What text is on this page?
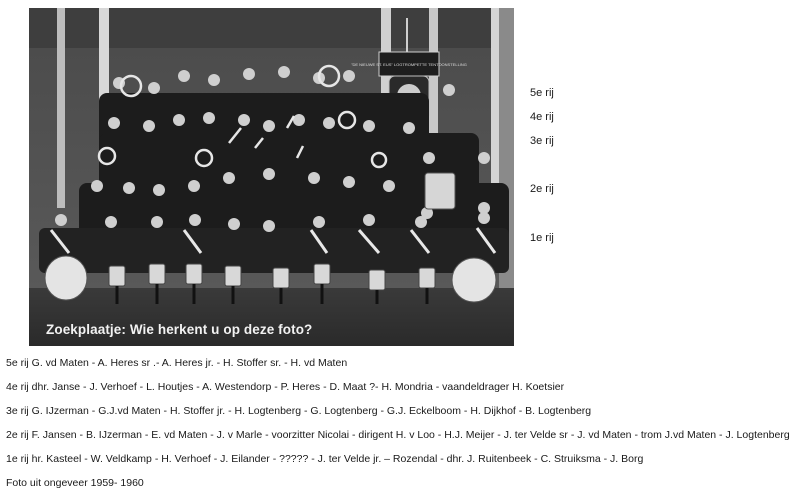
"DE NIEUWE ST. EUS" LOGTROMPETTE TENTOONSTELLING
Zoekplaatje: Wie herkent u op deze foto?
5e rij
4e rij
3e rij
2e rij
1e rij
5e rij G. vd Maten - A. Heres sr .- A. Heres jr. - H. Stoffer sr. - H. vd Maten
4e rij dhr. Janse - J. Verhoef - L. Houtjes - A. Westendorp - P. Heres - D. Maat ?- H. Mondria - vaandeldrager H. Koetsier
3e rij G. IJzerman - G.J.vd Maten - H. Stoffer jr. - H. Logtenberg - G. Logtenberg - G.J. Eckelboom - H. Dijkhof - B. Logtenberg
2e rij F. Jansen - B. IJzerman - E. vd Maten - J. v Marle - voorzitter Nicolai - dirigent H. v Loo - H.J. Meijer - J. ter Velde sr - J. vd Maten - trom J.vd Maten - J. Logtenberg
1e rij hr. Kasteel - W. Veldkamp - H. Verhoef - J. Eilander - ????? - J. ter Velde jr. – Rozendal - dhr. J. Ruitenbeek - C. Struiksma - J. Borg
Foto uit ongeveer 1959- 1960
